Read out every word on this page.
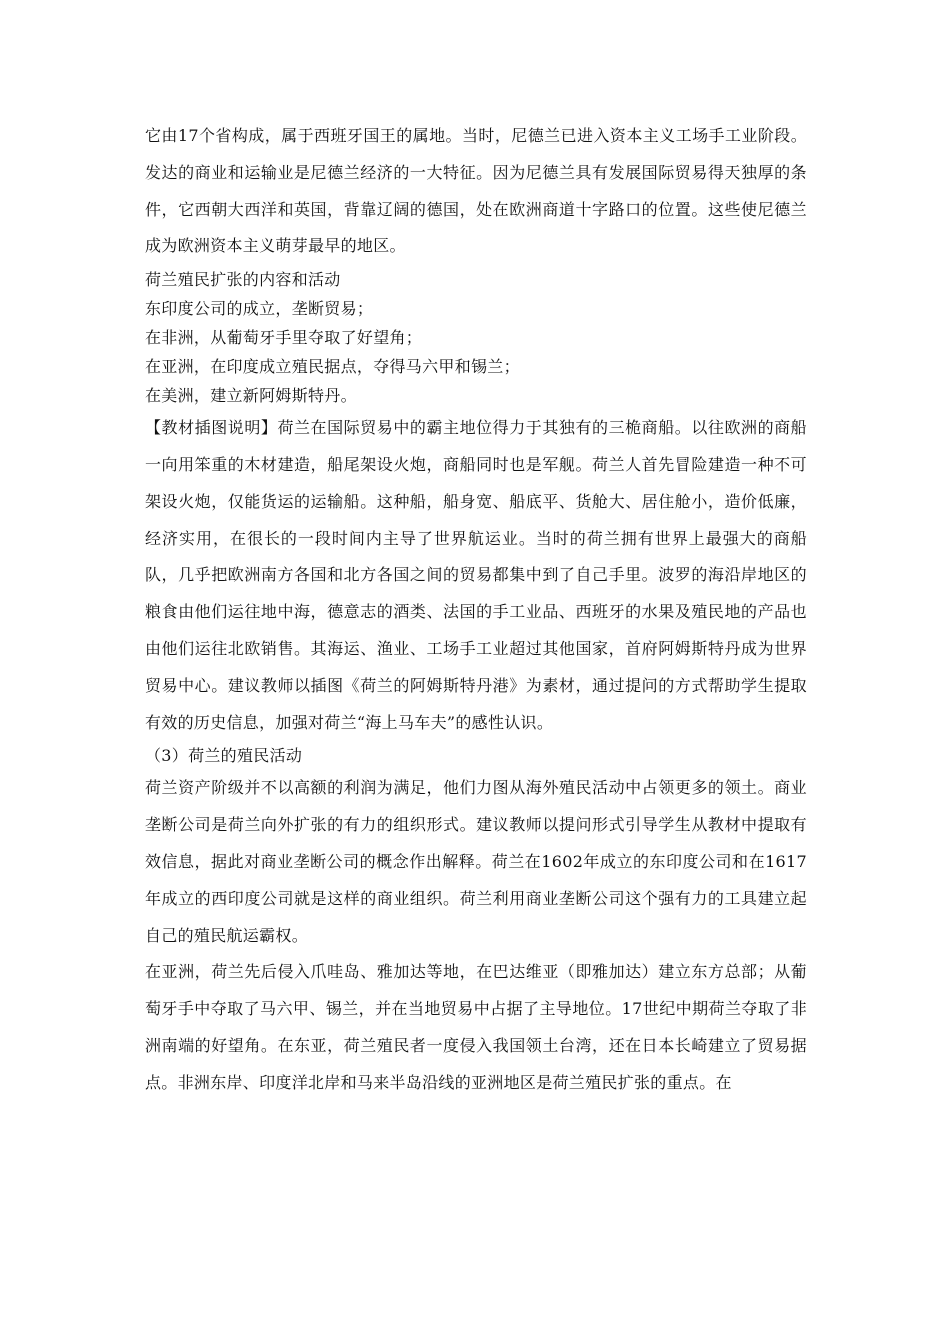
它由17个省构成，属于西班牙国王的属地。当时，尼德兰已进入资本主义工场手工业阶段。发达的商业和运输业是尼德兰经济的一大特征。因为尼德兰具有发展国际贸易得天独厚的条件，它西朝大西洋和英国，背靠辽阔的德国，处在欧洲商道十字路口的位置。这些使尼德兰成为欧洲资本主义萌芽最早的地区。

荷兰殖民扩张的内容和活动

东印度公司的成立，垄断贸易；

在非洲，从葡萄牙手里夺取了好望角；

在亚洲，在印度成立殖民据点，夺得马六甲和锡兰；

在美洲，建立新阿姆斯特丹。

【教材插图说明】荷兰在国际贸易中的霸主地位得力于其独有的三桅商船。以往欧洲的商船一向用笨重的木材建造，船尾架设火炮，商船同时也是军舰。荷兰人首先冒险建造一种不可架设火炮，仅能货运的运输船。这种船，船身宽、船底平、货舱大、居住舱小，造价低廉，经济实用，在很长的一段时间内主导了世界航运业。当时的荷兰拥有世界上最强大的商船队，几乎把欧洲南方各国和北方各国之间的贸易都集中到了自己手里。波罗的海沿岸地区的粮食由他们运往地中海，德意志的酒类、法国的手工业品、西班牙的水果及殖民地的产品也由他们运往北欧销售。其海运、渔业、工场手工业超过其他国家，首府阿姆斯特丹成为世界贸易中心。建议教师以插图《荷兰的阿姆斯特丹港》为素材，通过提问的方式帮助学生提取有效的历史信息，加强对荷兰“海上马车夫”的感性认识。

（3）荷兰的殖民活动

荷兰资产阶级并不以高额的利润为满足，他们力图从海外殖民活动中占领更多的领土。商业垄断公司是荷兰向外扩张的有力的组织形式。建议教师以提问形式引导学生从教材中提取有效信息，据此对商业垄断公司的概念作出解释。荷兰在1602年成立的东印度公司和在1617年成立的西印度公司就是这样的商业组织。荷兰利用商业垄断公司这个强有力的工具建立起自己的殖民航运霸权。

在亚洲，荷兰先后侵入爪哇岛、雅加达等地，在巴达维亚（即雅加达）建立东方总部；从葡萄牙手中夺取了马六甲、锡兰，并在当地贸易中占据了主导地位。17世纪中期荷兰夺取了非洲南端的好望角。在东亚，荷兰殖民者一度侵入我国领土台湾，还在日本长崎建立了贸易据点。非洲东岸、印度洋北岸和马来半岛沿线的亚洲地区是荷兰殖民扩张的重点。在
